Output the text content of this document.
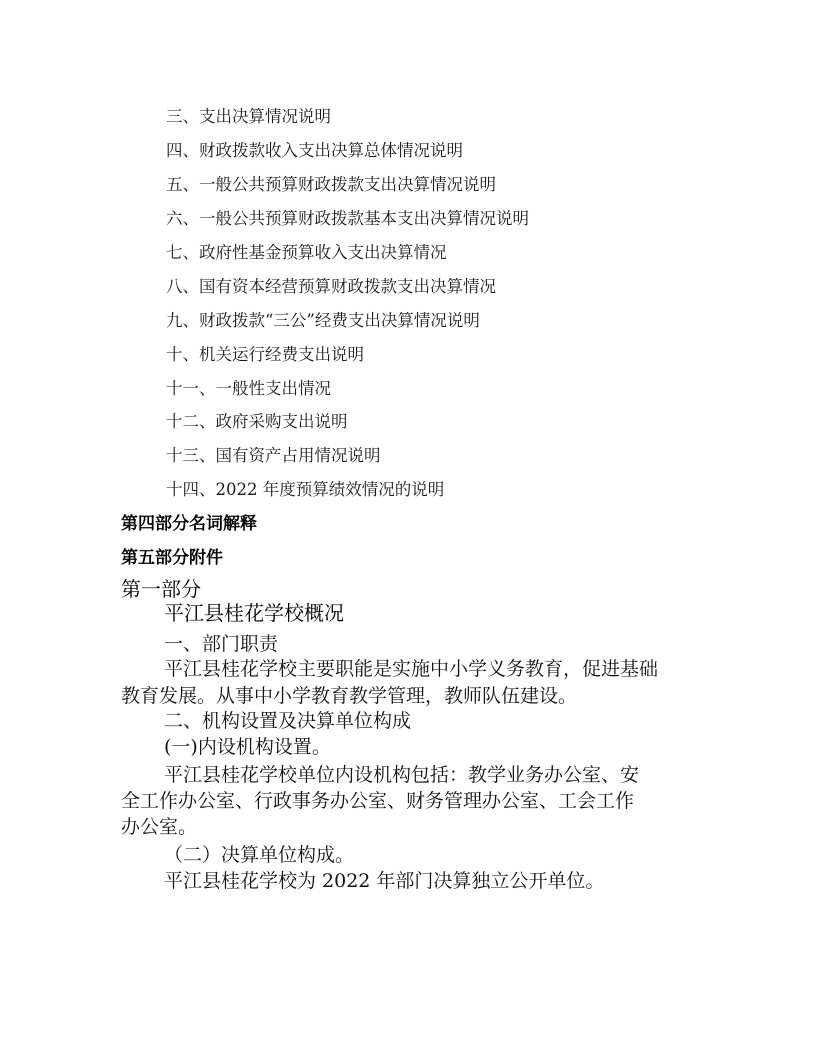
三、支出决算情况说明
四、财政拨款收入支出决算总体情况说明
五、一般公共预算财政拨款支出决算情况说明
六、一般公共预算财政拨款基本支出决算情况说明
七、政府性基金预算收入支出决算情况
八、国有资本经营预算财政拨款支出决算情况
九、财政拨款“三公”经费支出决算情况说明
十、机关运行经费支出说明
十一、一般性支出情况
十二、政府采购支出说明
十三、国有资产占用情况说明
十四、2022 年度预算绩效情况的说明
第四部分名词解释
第五部分附件
第一部分
平江县桂花学校概况
一、部门职责
平江县桂花学校主要职能是实施中小学义务教育，促进基础
教育发展。从事中小学教育教学管理，教师队伍建设。
二、机构设置及决算单位构成
(一)内设机构设置。
平江县桂花学校单位内设机构包括：教学业务办公室、安
全工作办公室、行政事务办公室、财务管理办公室、工会工作
办公室。
（二）决算单位构成。
平江县桂花学校为 2022 年部门决算独立公开单位。
